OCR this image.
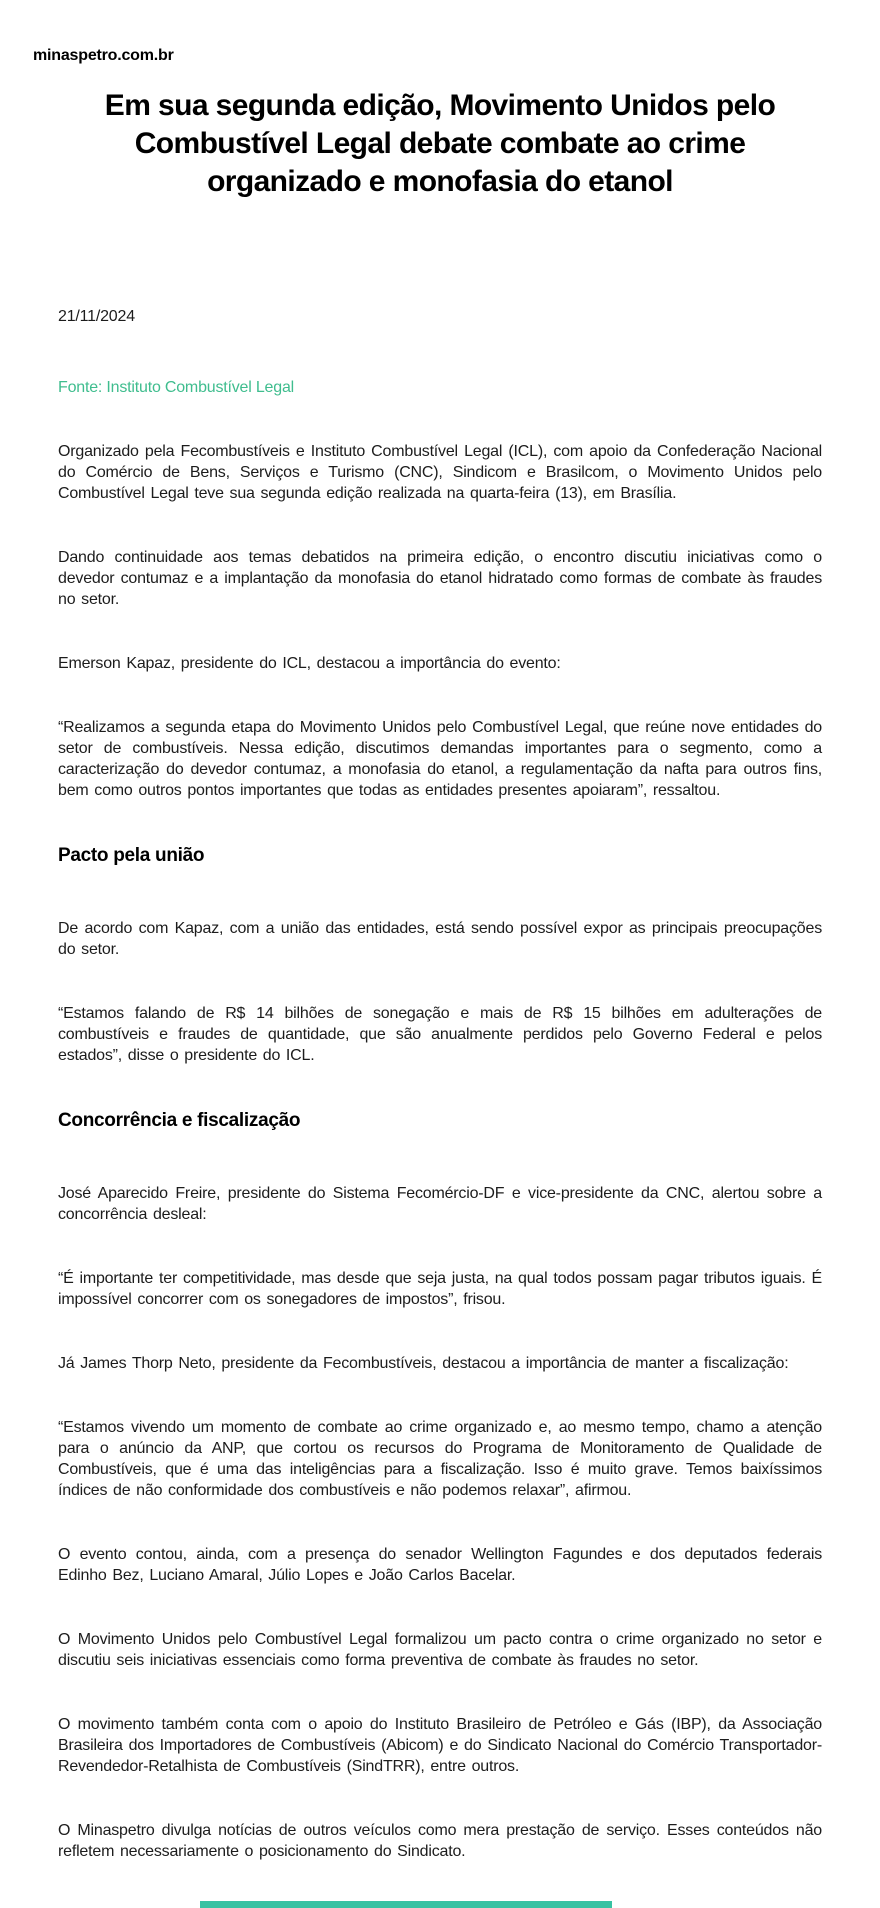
minaspetro.com.br
Em sua segunda edição, Movimento Unidos pelo Combustível Legal debate combate ao crime organizado e monofasia do etanol
21/11/2024
Fonte: Instituto Combustível Legal

Organizado pela Fecombustíveis e Instituto Combustível Legal (ICL), com apoio da Confederação Nacional do Comércio de Bens, Serviços e Turismo (CNC), Sindicom e Brasilcom, o Movimento Unidos pelo Combustível Legal teve sua segunda edição realizada na quarta-feira (13), em Brasília.

Dando continuidade aos temas debatidos na primeira edição, o encontro discutiu iniciativas como o devedor contumaz e a implantação da monofasia do etanol hidratado como formas de combate às fraudes no setor.

Emerson Kapaz, presidente do ICL, destacou a importância do evento:

“Realizamos a segunda etapa do Movimento Unidos pelo Combustível Legal, que reúne nove entidades do setor de combustíveis. Nessa edição, discutimos demandas importantes para o segmento, como a caracterização do devedor contumaz, a monofasia do etanol, a regulamentação da nafta para outros fins, bem como outros pontos importantes que todas as entidades presentes apoiaram”, ressaltou.

Pacto pela união

De acordo com Kapaz, com a união das entidades, está sendo possível expor as principais preocupações do setor.

“Estamos falando de R$ 14 bilhões de sonegação e mais de R$ 15 bilhões em adulterações de combustíveis e fraudes de quantidade, que são anualmente perdidos pelo Governo Federal e pelos estados”, disse o presidente do ICL.

Concorrência e fiscalização

José Aparecido Freire, presidente do Sistema Fecomércio-DF e vice-presidente da CNC, alertou sobre a concorrência desleal:

“É importante ter competitividade, mas desde que seja justa, na qual todos possam pagar tributos iguais. É impossível concorrer com os sonegadores de impostos”, frisou.

Já James Thorp Neto, presidente da Fecombustíveis, destacou a importância de manter a fiscalização:

“Estamos vivendo um momento de combate ao crime organizado e, ao mesmo tempo, chamo a atenção para o anúncio da ANP, que cortou os recursos do Programa de Monitoramento de Qualidade de Combustíveis, que é uma das inteligências para a fiscalização. Isso é muito grave. Temos baixíssimos índices de não conformidade dos combustíveis e não podemos relaxar”, afirmou.

O evento contou, ainda, com a presença do senador Wellington Fagundes e dos deputados federais Edinho Bez, Luciano Amaral, Júlio Lopes e João Carlos Bacelar.

O Movimento Unidos pelo Combustível Legal formalizou um pacto contra o crime organizado no setor e discutiu seis iniciativas essenciais como forma preventiva de combate às fraudes no setor.

O movimento também conta com o apoio do Instituto Brasileiro de Petróleo e Gás (IBP), da Associação Brasileira dos Importadores de Combustíveis (Abicom) e do Sindicato Nacional do Comércio Transportador-Revendedor-Retalhista de Combustíveis (SindTRR), entre outros.

O Minaspetro divulga notícias de outros veículos como mera prestação de serviço. Esses conteúdos não refletem necessariamente o posicionamento do Sindicato.
